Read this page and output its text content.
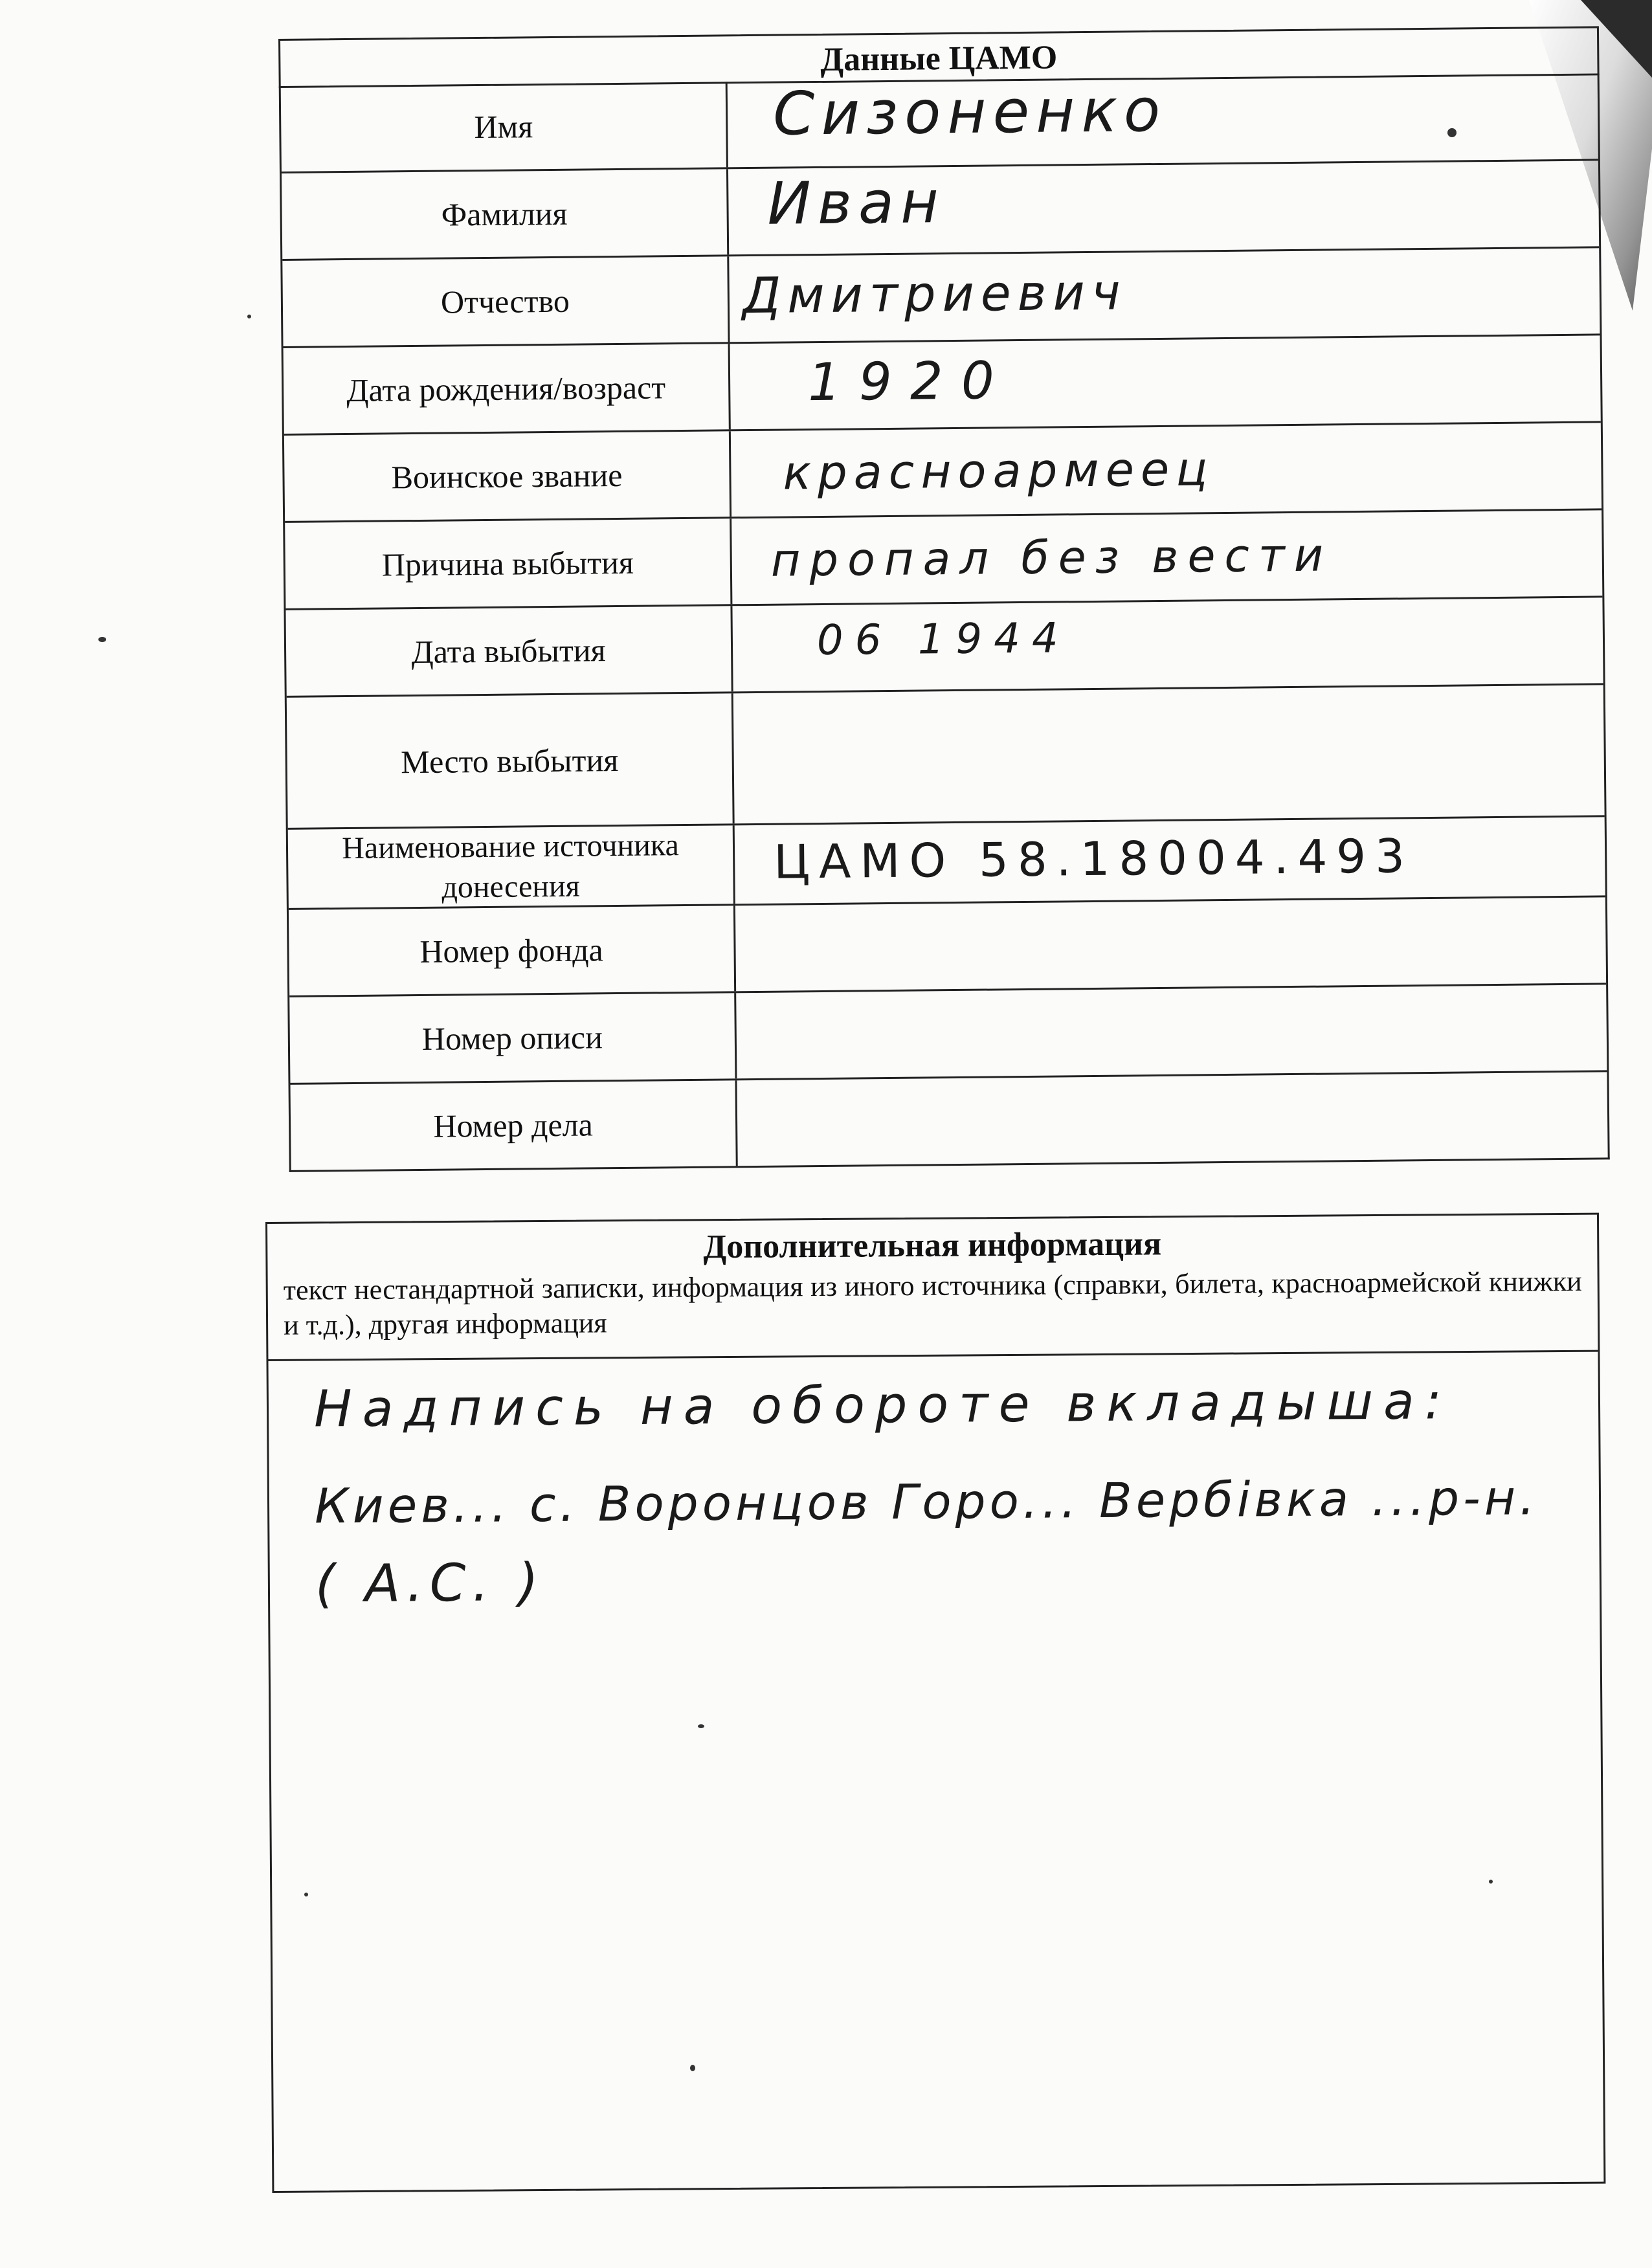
Данные ЦАМО
Имя	Сизоненко
Фамилия	Иван
Отчество	Дмитриевич
Дата рождения/возраст	1920
Воинское звание	красноармеец
Причина выбытия	пропал без вести
Дата выбытия	06 1944
Место выбытия
Наименование источника донесения	ЦАМО 58.18004.493
Номер фонда
Номер описи
Номер дела
Дополнительная информация
текст нестандартной записки, информация из иного источника (справки, билета, красноармейской книжки и т.д.), другая информация
Надпись на обороте вкладыша:
Киев... с. Воронцов Горо... Вербівка ...р-н.
( А.С. )
